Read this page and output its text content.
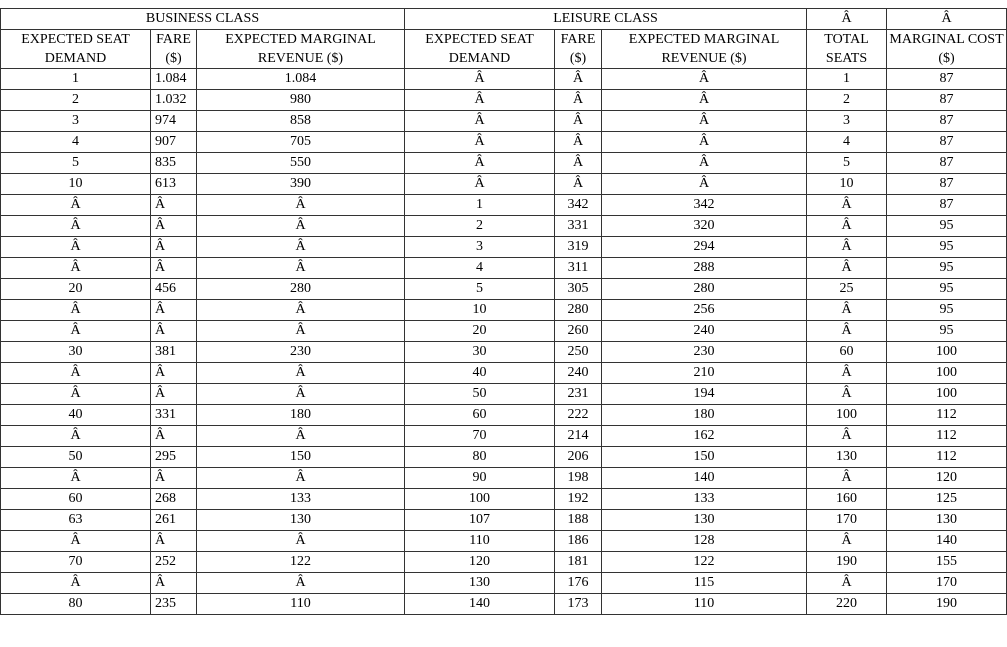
BUSINESS CLASS			LEISURE CLASS			Â	Â
EXPECTED SEAT DEMAND	FARE ($)	EXPECTED MARGINAL REVENUE ($)	EXPECTED SEAT DEMAND	FARE ($)	EXPECTED MARGINAL REVENUE ($)	TOTAL SEATS	MARGINAL COST ($)
1	1.084	1.084	Â	Â	Â	1	87
2	1.032	980	Â	Â	Â	2	87
3	974	858	Â	Â	Â	3	87
4	907	705	Â	Â	Â	4	87
5	835	550	Â	Â	Â	5	87
10	613	390	Â	Â	Â	10	87
Â	Â	Â	1	342	342	Â	87
Â	Â	Â	2	331	320	Â	95
Â	Â	Â	3	319	294	Â	95
Â	Â	Â	4	311	288	Â	95
20	456	280	5	305	280	25	95
Â	Â	Â	10	280	256	Â	95
Â	Â	Â	20	260	240	Â	95
30	381	230	30	250	230	60	100
Â	Â	Â	40	240	210	Â	100
Â	Â	Â	50	231	194	Â	100
40	331	180	60	222	180	100	112
Â	Â	Â	70	214	162	Â	112
50	295	150	80	206	150	130	112
Â	Â	Â	90	198	140	Â	120
60	268	133	100	192	133	160	125
63	261	130	107	188	130	170	130
Â	Â	Â	110	186	128	Â	140
70	252	122	120	181	122	190	155
Â	Â	Â	130	176	115	Â	170
80	235	110	140	173	110	220	190
